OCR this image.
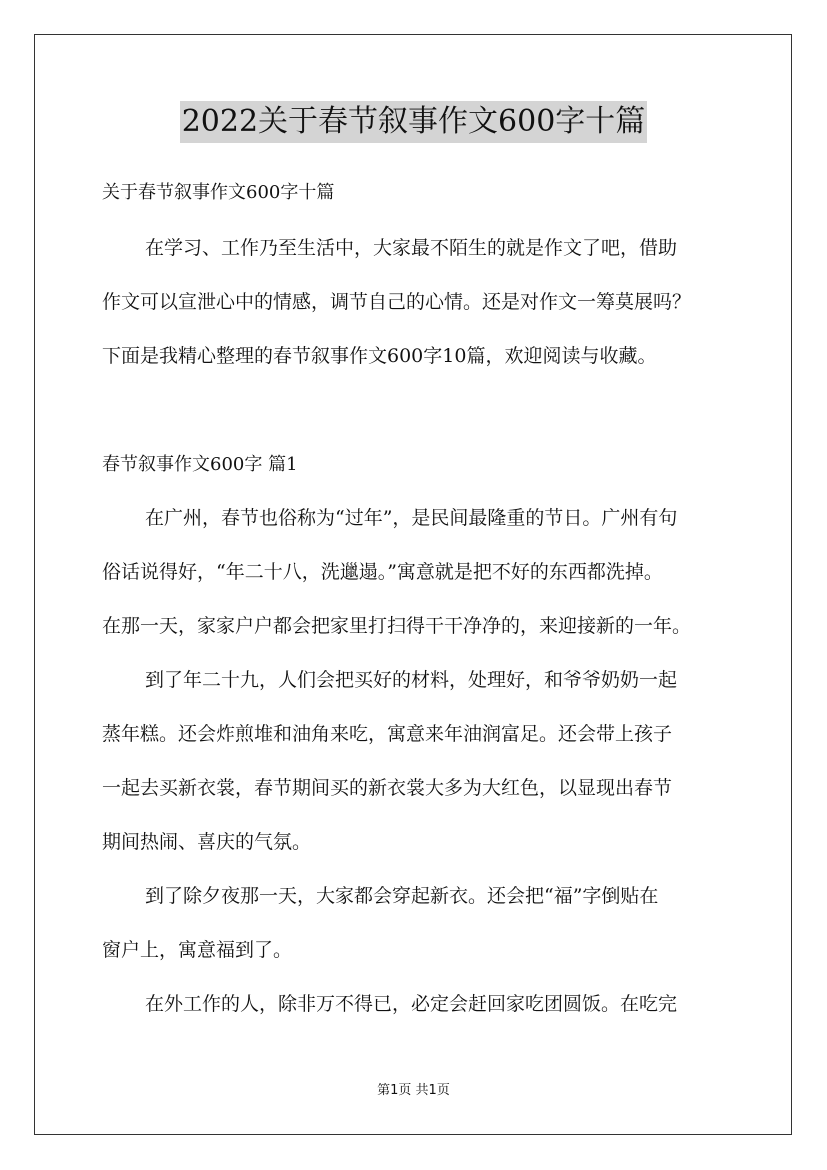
2022关于春节叙事作文600字十篇
关于春节叙事作文600字十篇
在学习、工作乃至生活中，大家最不陌生的就是作文了吧，借助
作文可以宣泄心中的情感，调节自己的心情。还是对作文一筹莫展吗？
下面是我精心整理的春节叙事作文600字10篇，欢迎阅读与收藏。
春节叙事作文600字 篇1
在广州，春节也俗称为“过年”，是民间最隆重的节日。广州有句
俗话说得好，“年二十八，洗邋遢。”寓意就是把不好的东西都洗掉。
在那一天，家家户户都会把家里打扫得干干净净的，来迎接新的一年。
到了年二十九，人们会把买好的材料，处理好，和爷爷奶奶一起
蒸年糕。还会炸煎堆和油角来吃，寓意来年油润富足。还会带上孩子
一起去买新衣裳，春节期间买的新衣裳大多为大红色，以显现出春节
期间热闹、喜庆的气氛。
到了除夕夜那一天，大家都会穿起新衣。还会把“福”字倒贴在
窗户上，寓意福到了。
在外工作的人，除非万不得已，必定会赶回家吃团圆饭。在吃完
第1页 共1页
